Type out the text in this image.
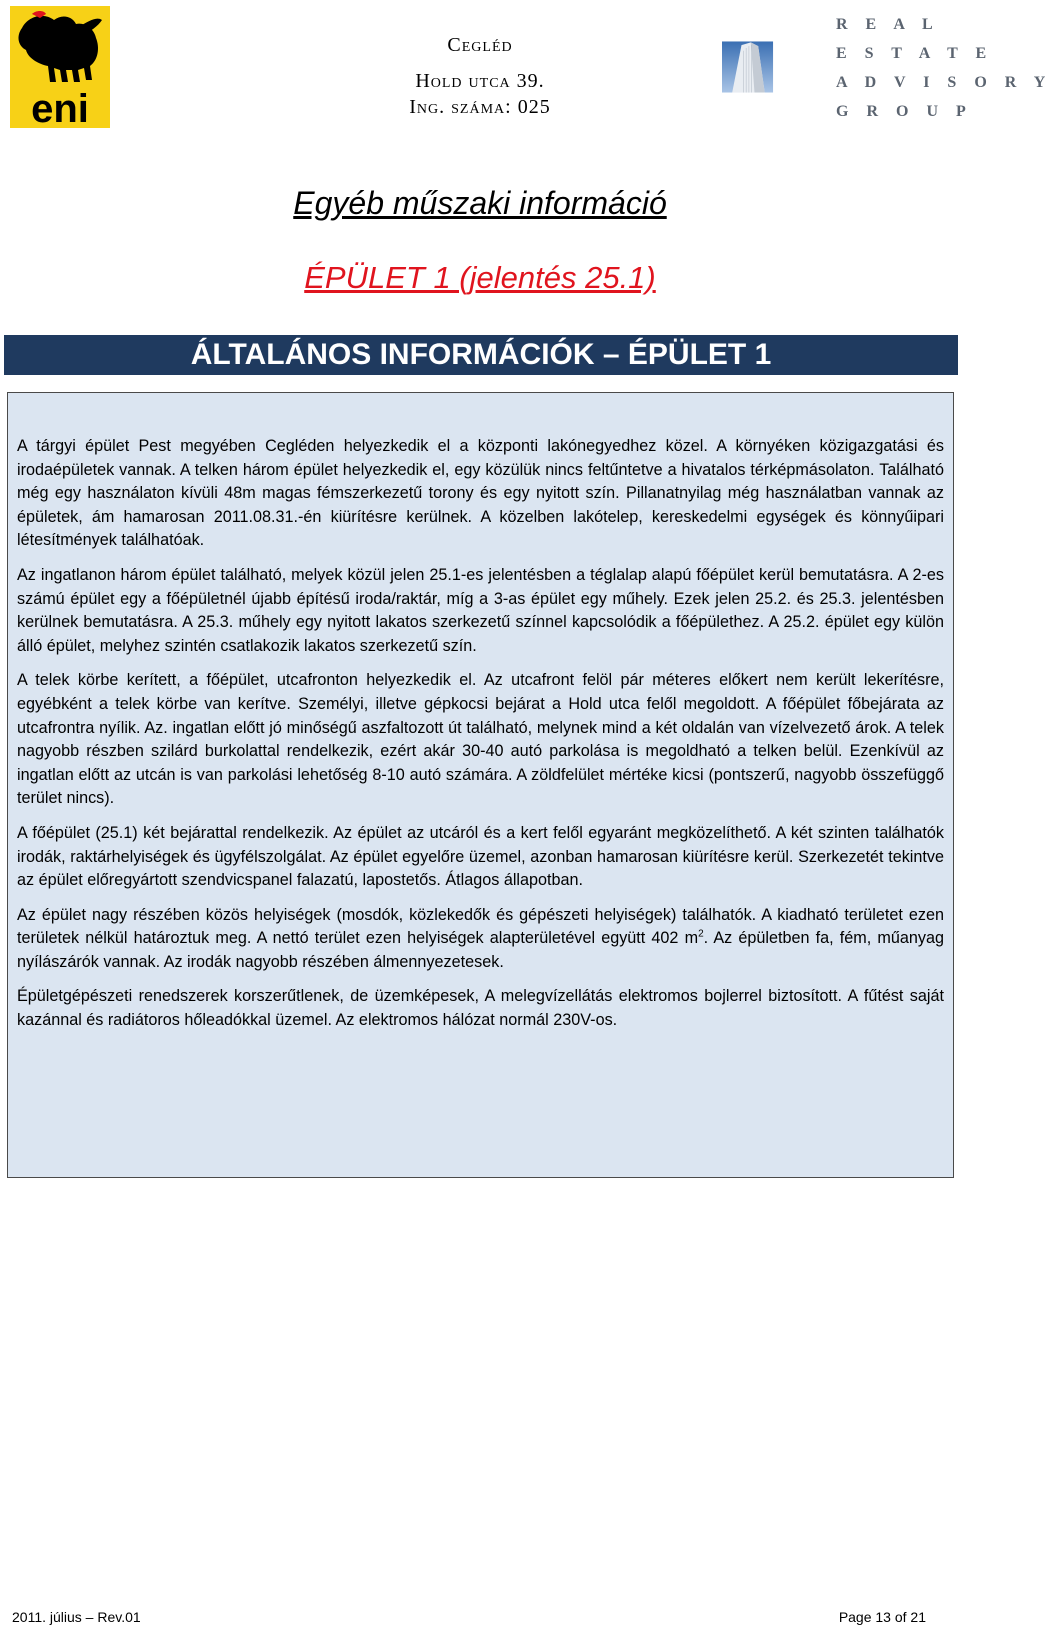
eni
Cegléd
Hold utca 39.
Ing. száma: 025
R E A L
E S T A T E
A D V I S O R Y
G R O U P
Egyéb műszaki információ
ÉPÜLET 1 (jelentés 25.1)
ÁLTALÁNOS INFORMÁCIÓK – ÉPÜLET 1

A tárgyi épület Pest megyében Cegléden helyezkedik el a központi lakónegyedhez közel. A környéken közigazgatási és irodaépületek vannak. A telken három épület helyezkedik el, egy közülük nincs feltűntetve a hivatalos térképmásolaton. Található még egy használaton kívüli 48m magas fémszerkezetű torony és egy nyitott szín. Pillanatnyilag még használatban vannak az épületek, ám hamarosan 2011.08.31.-én kiürítésre kerülnek. A közelben lakótelep, kereskedelmi egységek és könnyűipari létesítmények találhatóak.

Az ingatlanon három épület található, melyek közül jelen 25.1-es jelentésben a téglalap alapú főépület kerül bemutatásra. A 2-es számú épület egy a főépületnél újabb építésű iroda/raktár, míg a 3-as épület egy műhely. Ezek jelen 25.2. és 25.3. jelentésben kerülnek bemutatásra. A 25.3. műhely egy nyitott lakatos szerkezetű színnel kapcsolódik a főépülethez. A 25.2. épület egy külön álló épület, melyhez szintén csatlakozik lakatos szerkezetű szín.

A telek körbe kerített, a főépület, utcafronton helyezkedik el. Az utcafront felöl pár méteres előkert nem került lekerítésre, egyébként a telek körbe van kerítve. Személyi, illetve gépkocsi bejárat a Hold utca felől megoldott. A főépület főbejárata az utcafrontra nyílik. Az. ingatlan előtt jó minőségű aszfaltozott út található, melynek mind a két oldalán van vízelvezető árok. A telek nagyobb részben szilárd burkolattal rendelkezik, ezért akár 30-40 autó parkolása is megoldható a telken belül. Ezenkívül az ingatlan előtt az utcán is van parkolási lehetőség 8-10 autó számára. A zöldfelület mértéke kicsi (pontszerű, nagyobb összefüggő terület nincs).

A főépület (25.1) két bejárattal rendelkezik. Az épület az utcáról és a kert felől egyaránt megközelíthető. A két szinten találhatók irodák, raktárhelyiségek és ügyfélszolgálat. Az épület egyelőre üzemel, azonban hamarosan kiürítésre kerül. Szerkezetét tekintve az épület előregyártott szendvicspanel falazatú, lapostetős. Átlagos állapotban.

Az épület nagy részében közös helyiségek (mosdók, közlekedők és gépészeti helyiségek) találhatók. A kiadható területet ezen területek nélkül határoztuk meg. A nettó terület ezen helyiségek alapterületével együtt 402 $m^2$. Az épületben fa, fém, műanyag nyílászárók vannak. Az irodák nagyobb részében álmennyezetesek.

Épületgépészeti renedszerek korszerűtlenek, de üzemképesek, A melegvízellátás elektromos bojlerrel biztosított. A fűtést saját kazánnal és radiátoros hőleadókkal üzemel. Az elektromos hálózat normál 230V-os.

2011. július – Rev.01	Page 13 of 21
